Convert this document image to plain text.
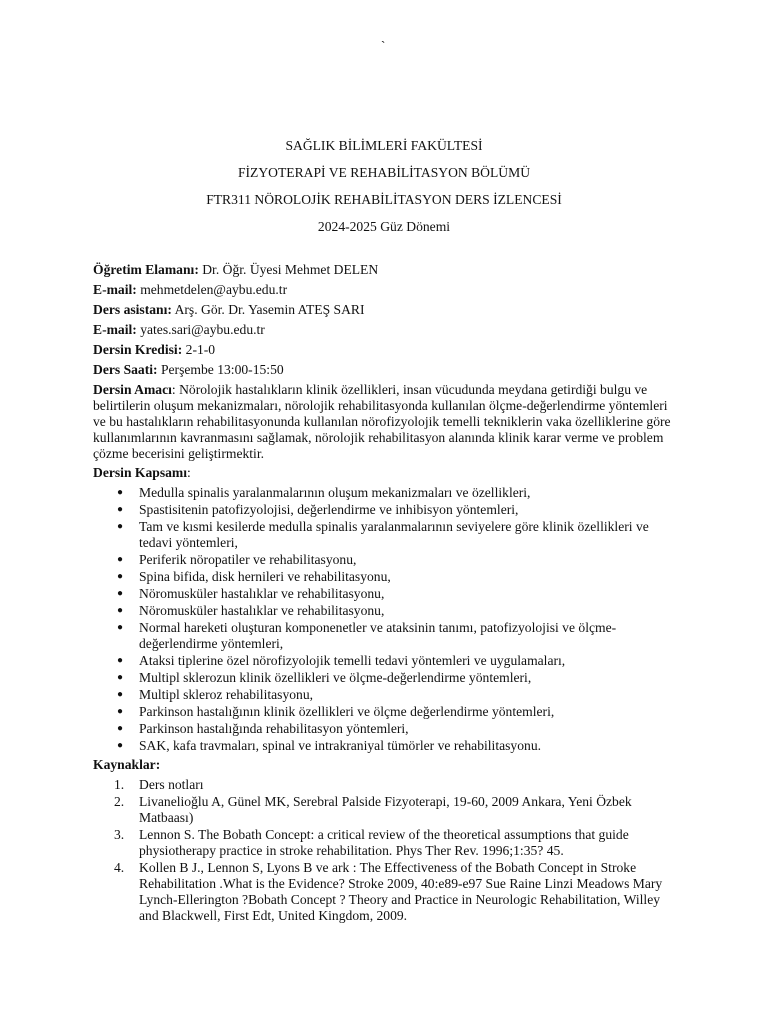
`
SAĞLIK BİLİMLERİ FAKÜLTESİ
FİZYOTERAPİ VE REHABİLİTASYON BÖLÜMÜ
FTR311 NÖROLOJİK REHABİLİTASYON DERS İZLENCESİ
2024-2025 Güz Dönemi
Öğretim Elamanı: Dr. Öğr. Üyesi Mehmet DELEN
E-mail: mehmetdelen@aybu.edu.tr
Ders asistanı: Arş. Gör. Dr. Yasemin ATEŞ SARI
E-mail: yates.sari@aybu.edu.tr
Dersin Kredisi: 2-1-0
Ders Saati: Perşembe 13:00-15:50
Dersin Amacı: Nörolojik hastalıkların klinik özellikleri, insan vücudunda meydana getirdiği bulgu ve belirtilerin oluşum mekanizmaları, nörolojik rehabilitasyonda kullanılan ölçme-değerlendirme yöntemleri ve bu hastalıkların rehabilitasyonunda kullanılan nörofizyolojik temelli tekniklerin vaka özelliklerine göre kullanımlarının kavranmasını sağlamak, nörolojik rehabilitasyon alanında klinik karar verme ve problem çözme becerisini geliştirmektir.
Dersin Kapsamı:
● Medulla spinalis yaralanmalarının oluşum mekanizmaları ve özellikleri,
● Spastisitenin patofizyolojisi, değerlendirme ve inhibisyon yöntemleri,
● Tam ve kısmi kesilerde medulla spinalis yaralanmalarının seviyelere göre klinik özellikleri ve tedavi yöntemleri,
● Periferik nöropatiler ve rehabilitasyonu,
● Spina bifida, disk hernileri ve rehabilitasyonu,
● Nöromusküler hastalıklar ve rehabilitasyonu,
● Nöromusküler hastalıklar ve rehabilitasyonu,
● Normal hareketi oluşturan komponenetler ve ataksinin tanımı, patofizyolojisi ve ölçme-değerlendirme yöntemleri,
● Ataksi tiplerine özel nörofizyolojik temelli tedavi yöntemleri ve uygulamaları,
● Multipl sklerozun klinik özellikleri ve ölçme-değerlendirme yöntemleri,
● Multipl skleroz rehabilitasyonu,
● Parkinson hastalığının klinik özellikleri ve ölçme değerlendirme yöntemleri,
● Parkinson hastalığında rehabilitasyon yöntemleri,
● SAK, kafa travmaları, spinal ve intrakraniyal tümörler ve rehabilitasyonu.
Kaynaklar:
1. Ders notları
2. Livanelioğlu A, Günel MK, Serebral Palside Fizyoterapi, 19-60, 2009 Ankara, Yeni Özbek Matbaası)
3. Lennon S. The Bobath Concept: a critical review of the theoretical assumptions that guide physiotherapy practice in stroke rehabilitation. Phys Ther Rev. 1996;1:35? 45.
4. Kollen B J., Lennon S, Lyons B ve ark : The Effectiveness of the Bobath Concept in Stroke Rehabilitation .What is the Evidence? Stroke 2009, 40:e89-e97 Sue Raine Linzi Meadows Mary Lynch-Ellerington ?Bobath Concept ? Theory and Practice in Neurologic Rehabilitation, Willey and Blackwell, First Edt, United Kingdom, 2009.
